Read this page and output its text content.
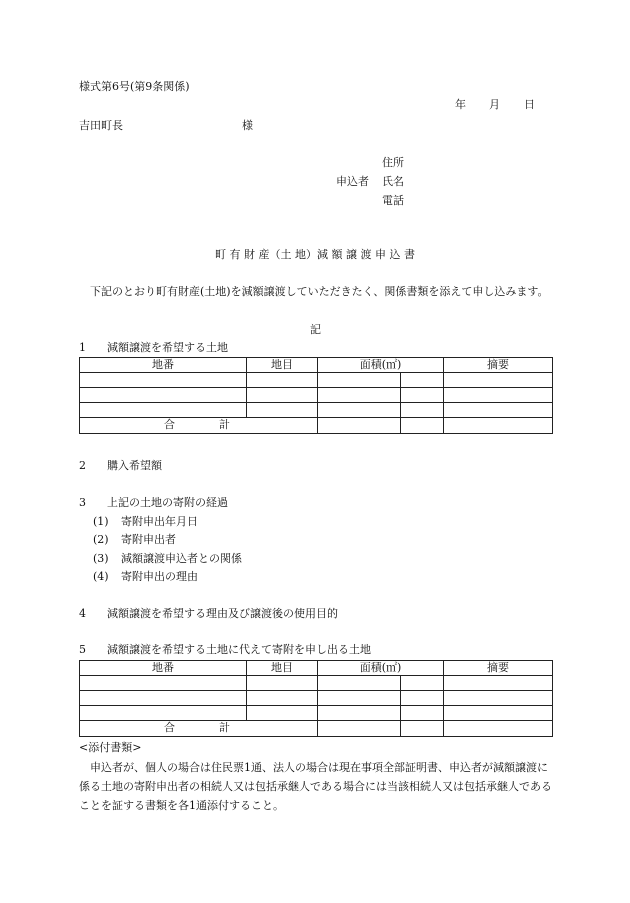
様式第6号(第9条関係)
年 月 日
吉田町長	様
住所
申込者 氏名
電話
町 有 財 産（土 地）減 額 譲 渡 申 込 書
下記のとおり町有財産(土地)を減額譲渡していただきたく、関係書類を添えて申し込みます。
記
1 減額譲渡を希望する土地
地番	地目	面積(㎡)		摘要

合 計				
2 購入希望額
3 上記の土地の寄附の経過
(1) 寄附申出年月日
(2) 寄附申出者
(3) 減額譲渡申込者との関係
(4) 寄附申出の理由
4 減額譲渡を希望する理由及び譲渡後の使用目的
5 減額譲渡を希望する土地に代えて寄附を申し出る土地
地番	地目	面積(㎡)		摘要

合 計				
<添付書類>
申込者が、個人の場合は住民票1通、法人の場合は現在事項全部証明書、申込者が減額譲渡に係る土地の寄附申出者の相続人又は包括承継人である場合には当該相続人又は包括承継人であることを証する書類を各1通添付すること。
